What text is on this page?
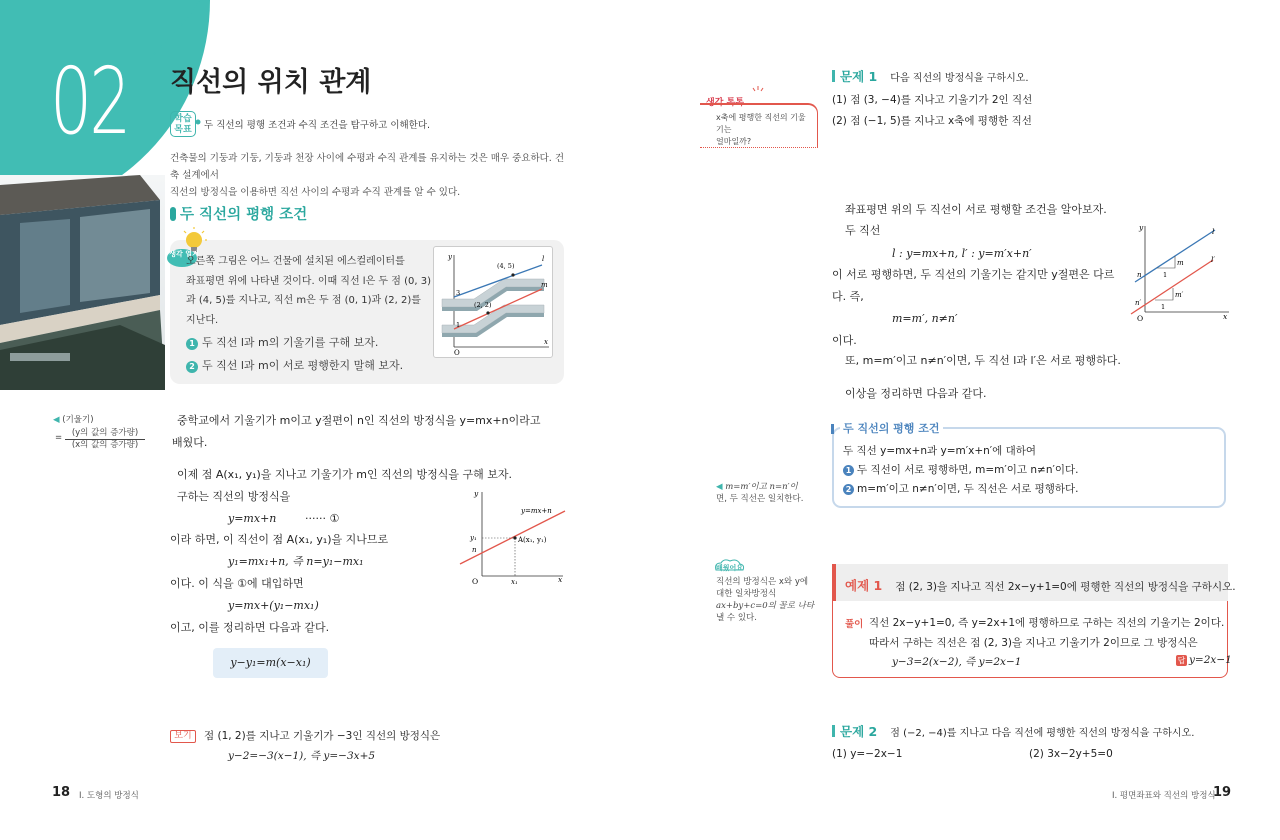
02 직선의 위치 관계
학습
목표	두 직선의 평행 조건과 수직 조건을 탐구하고 이해한다.
건축물의 기둥과 기둥, 기둥과 천장 사이에 수평과 수직 관계를 유지하는 것은 매우 중요하다. 건축 설계에서
직선의 방정식을 이용하면 직선 사이의 수평과 수직 관계를 알 수 있다.
두 직선의 평행 조건
생각 열기
오른쪽 그림은 어느 건물에 설치된 에스컬레이터를
좌표평면 위에 나타낸 것이다. 이때 직선 l은 두 점 (0, 3)
과 (4, 5)를 지나고, 직선 m은 두 점 (0, 1)과 (2, 2)를
지난다.
1 두 직선 l과 m의 기울기를 구해 보자.
2 두 직선 l과 m이 서로 평행한지 말해 보자.
y
x
O
l
m
(4, 5)
(2, 2)
3
1
◀ (기울기)
=	(y의 값의 증가량)
(x의 값의 증가량)
중학교에서 기울기가 m이고 y절편이 n인 직선의 방정식을 y=mx+n이라고
배웠다.
이제 점 A(x₁, y₁)을 지나고 기울기가 m인 직선의 방정식을 구해 보자.
구하는 직선의 방정식을
y=mx+n	······ ①
이라 하면, 이 직선이 점 A(x₁, y₁)을 지나므로
y₁=mx₁+n, 즉 n=y₁−mx₁
이다. 이 식을 ①에 대입하면
y=mx+(y₁−mx₁)
이고, 이를 정리하면 다음과 같다.
y−y₁=m(x−x₁)
y
x
O
y=mx+n
y₁
n
x₁
A(x₁, y₁)
보기	점 (1, 2)를 지나고 기울기가 −3인 직선의 방정식은
y−2=−3(x−1), 즉 y=−3x+5
18 I. 도형의 방정식
문제 1 다음 직선의 방정식을 구하시오.
(1) 점 (3, −4)를 지나고 기울기가 2인 직선
(2) 점 (−1, 5)를 지나고 x축에 평행한 직선
생각 톡톡
x축에 평행한 직선의 기울기는
얼마일까?
좌표평면 위의 두 직선이 서로 평행할 조건을 알아보자.
두 직선
l : y=mx+n, l′ : y=m′x+n′
이 서로 평행하면, 두 직선의 기울기는 같지만 y절편은 다르
다. 즉,
m=m′, n≠n′
이다.
또, m=m′이고 n≠n′이면, 두 직선 l과 l′은 서로 평행하다.
이상을 정리하면 다음과 같다.
y
x
O
l
l′
m
m′
n
n′
1
1
두 직선의 평행 조건
두 직선 y=mx+n과 y=m′x+n′에 대하여
1 두 직선이 서로 평행하면, m=m′이고 n≠n′이다.
2 m=m′이고 n≠n′이면, 두 직선은 서로 평행하다.
◀ m=m′이고 n=n′이
면, 두 직선은 일치한다.
배웠어요
직선의 방정식은 x와 y에
대한 일차방정식
ax+by+c=0의 꼴로 나타
낼 수 있다.
예제 1 점 (2, 3)을 지나고 직선 2x−y+1=0에 평행한 직선의 방정식을 구하시오.
풀이 직선 2x−y+1=0, 즉 y=2x+1에 평행하므로 구하는 직선의 기울기는 2이다.
따라서 구하는 직선은 점 (2, 3)을 지나고 기울기가 2이므로 그 방정식은
y−3=2(x−2), 즉 y=2x−1	답 y=2x−1
문제 2 점 (−2, −4)를 지나고 다음 직선에 평행한 직선의 방정식을 구하시오.
(1) y=−2x−1	(2) 3x−2y+5=0
I. 평면좌표와 직선의 방정식
19
